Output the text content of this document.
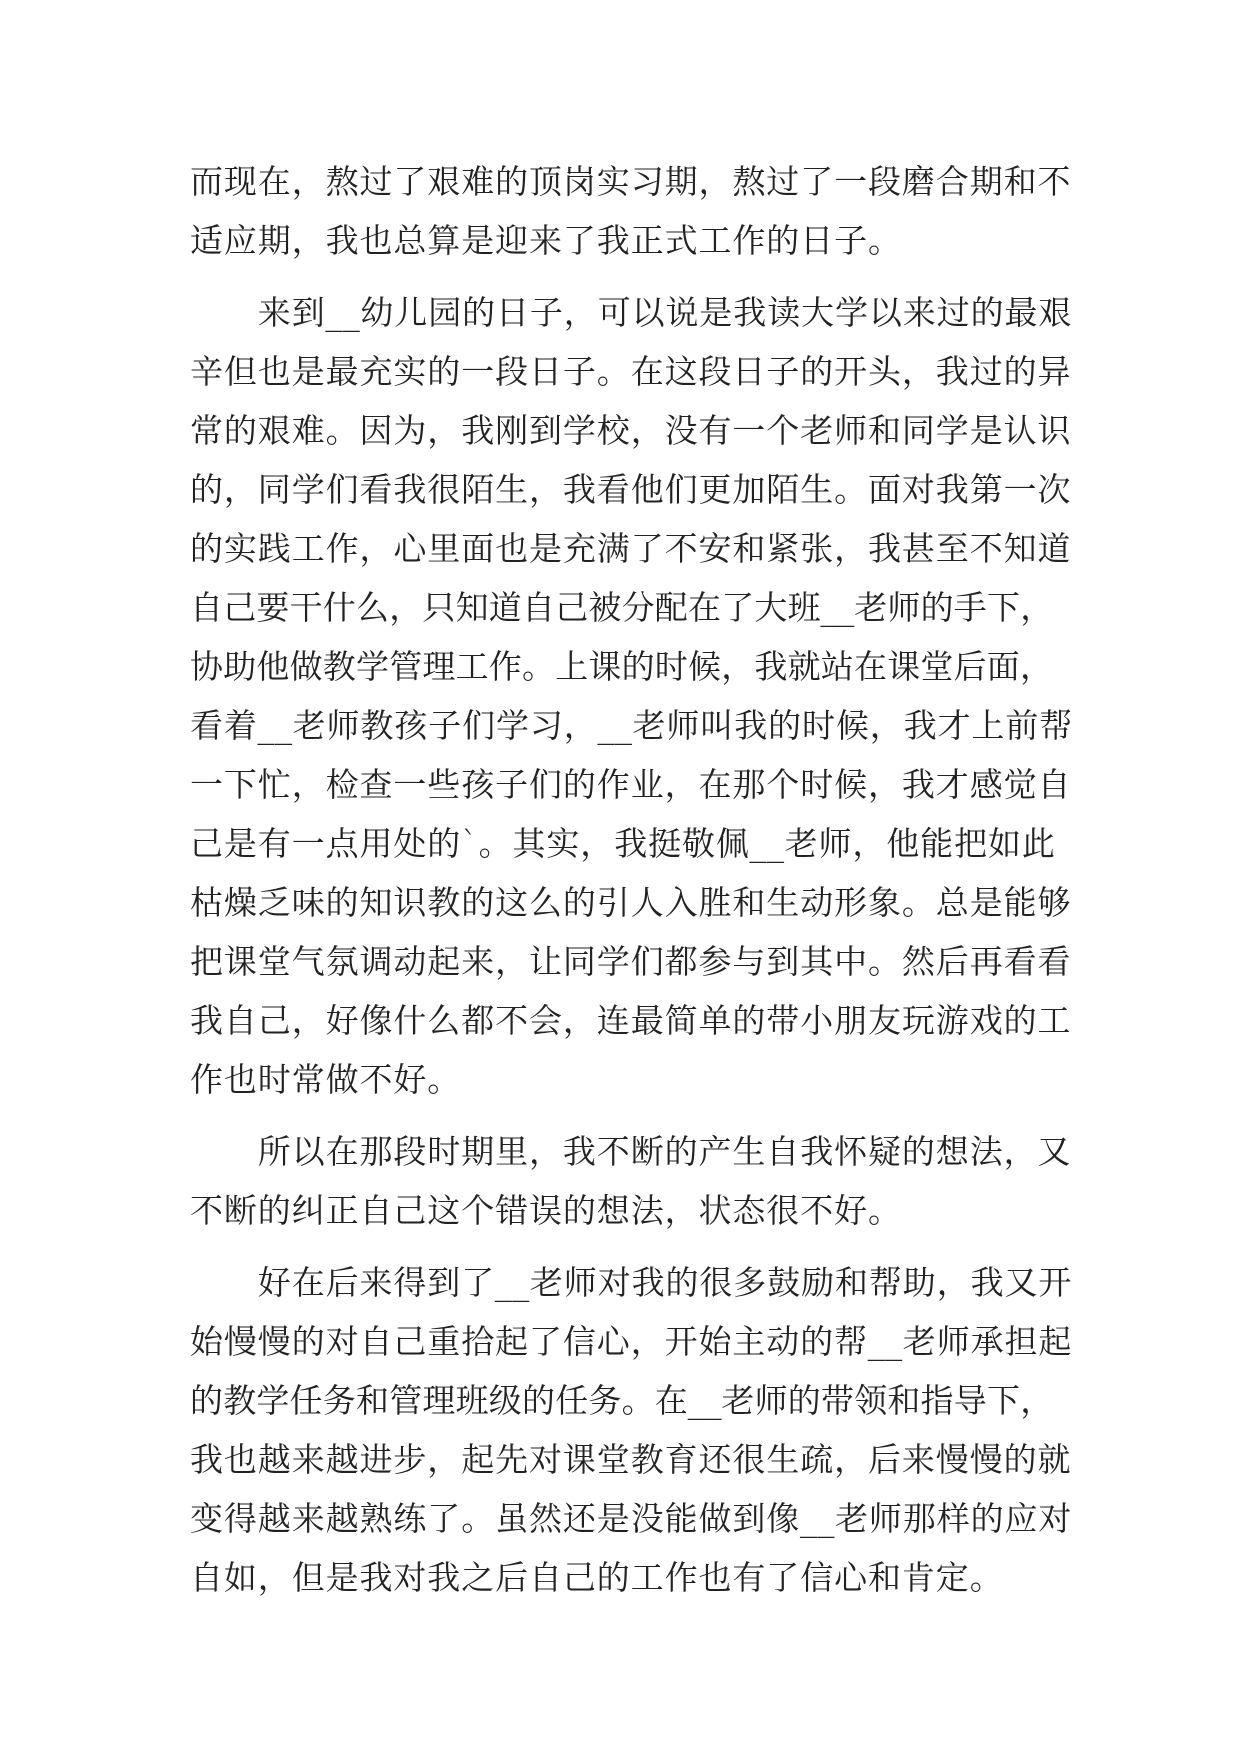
而现在，熬过了艰难的顶岗实习期，熬过了一段磨合期和不
适应期，我也总算是迎来了我正式工作的日子。
　　来到__幼儿园的日子，可以说是我读大学以来过的最艰
辛但也是最充实的一段日子。在这段日子的开头，我过的异
常的艰难。因为，我刚到学校，没有一个老师和同学是认识
的，同学们看我很陌生，我看他们更加陌生。面对我第一次
的实践工作，心里面也是充满了不安和紧张，我甚至不知道
自己要干什么，只知道自己被分配在了大班__老师的手下，
协助他做教学管理工作。上课的时候，我就站在课堂后面，
看着__老师教孩子们学习，__老师叫我的时候，我才上前帮
一下忙，检查一些孩子们的作业，在那个时候，我才感觉自
己是有一点用处的`。其实，我挺敬佩__老师，他能把如此
枯燥乏味的知识教的这么的引人入胜和生动形象。总是能够
把课堂气氛调动起来，让同学们都参与到其中。然后再看看
我自己，好像什么都不会，连最简单的带小朋友玩游戏的工
作也时常做不好。
　　所以在那段时期里，我不断的产生自我怀疑的想法，又
不断的纠正自己这个错误的想法，状态很不好。
　　好在后来得到了__老师对我的很多鼓励和帮助，我又开
始慢慢的对自己重拾起了信心，开始主动的帮__老师承担起
的教学任务和管理班级的任务。在__老师的带领和指导下，
我也越来越进步，起先对课堂教育还很生疏，后来慢慢的就
变得越来越熟练了。虽然还是没能做到像__老师那样的应对
自如，但是我对我之后自己的工作也有了信心和肯定。
